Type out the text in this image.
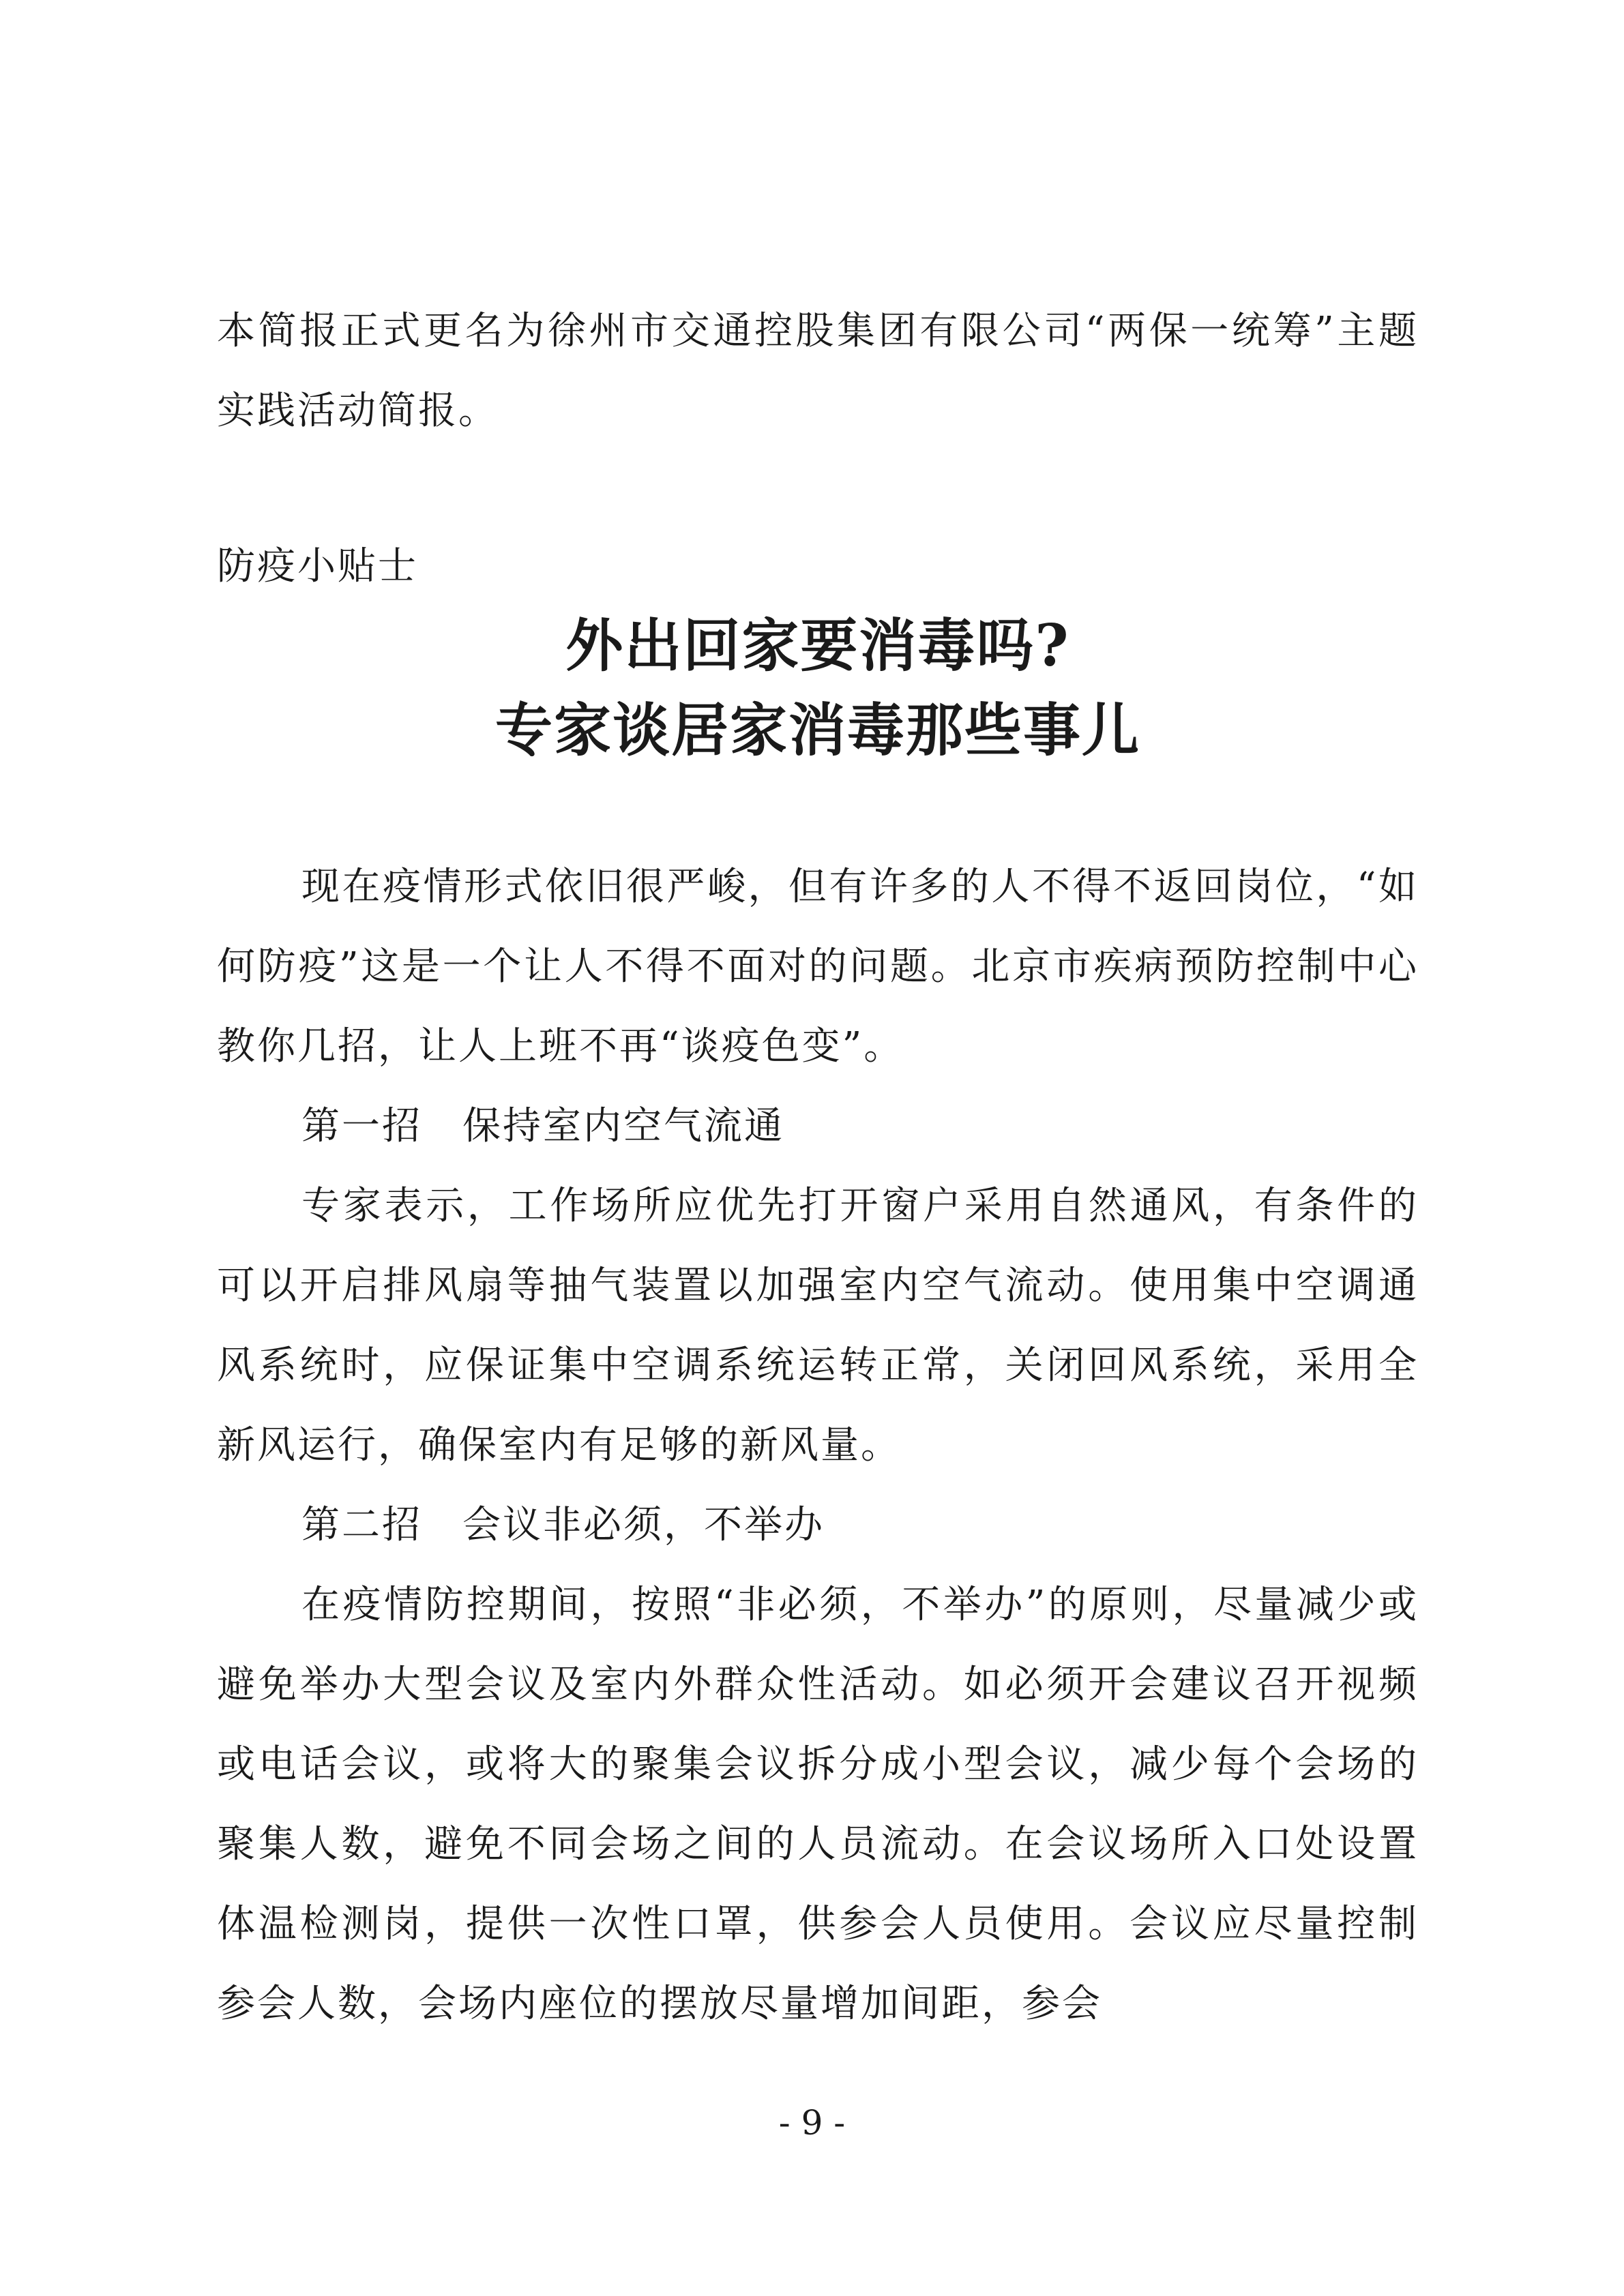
本简报正式更名为徐州市交通控股集团有限公司“两保一统筹”主题实践活动简报。

防疫小贴士

外出回家要消毒吗?
专家谈居家消毒那些事儿

现在疫情形式依旧很严峻，但有许多的人不得不返回岗位，“如何防疫”这是一个让人不得不面对的问题。北京市疾病预防控制中心教你几招，让人上班不再“谈疫色变”。

第一招　保持室内空气流通

专家表示，工作场所应优先打开窗户采用自然通风，有条件的可以开启排风扇等抽气装置以加强室内空气流动。使用集中空调通风系统时，应保证集中空调系统运转正常，关闭回风系统，采用全新风运行，确保室内有足够的新风量。

第二招　会议非必须，不举办

在疫情防控期间，按照“非必须，不举办”的原则，尽量减少或避免举办大型会议及室内外群众性活动。如必须开会建议召开视频或电话会议，或将大的聚集会议拆分成小型会议，减少每个会场的聚集人数，避免不同会场之间的人员流动。在会议场所入口处设置体温检测岗，提供一次性口罩，供参会人员使用。会议应尽量控制参会人数，会场内座位的摆放尽量增加间距，参会

- 9 -
